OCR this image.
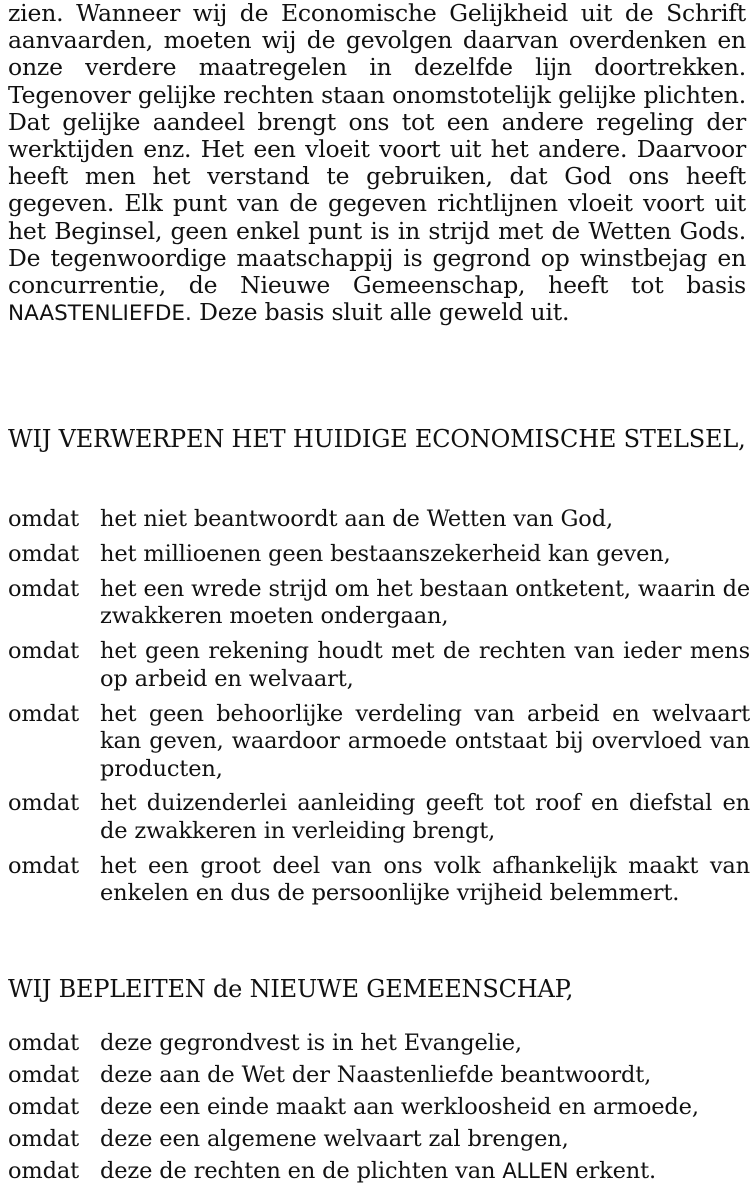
zien. Wanneer wij de Economische Gelijkheid uit de Schrift aanvaarden, moeten wij de gevolgen daarvan overdenken en onze verdere maatregelen in dezelfde lijn doortrekken. Tegenover gelijke rechten staan onomstotelijk gelijke plichten. Dat gelijke aandeel brengt ons tot een andere regeling der werktijden enz. Het een vloeit voort uit het andere. Daarvoor heeft men het verstand te gebruiken, dat God ons heeft gegeven. Elk punt van de gegeven richtlijnen vloeit voort uit het Beginsel, geen enkel punt is in strijd met de Wetten Gods. De tegenwoordige maatschappij is gegrond op winstbejag en concurrentie, de Nieuwe Gemeenschap, heeft tot basis NAASTENLIEFDE. Deze basis sluit alle geweld uit.

WIJ VERWERPEN HET HUIDIGE ECONOMISCHE STELSEL,
omdat het niet beantwoordt aan de Wetten van God,
omdat het millioenen geen bestaanszekerheid kan geven,
omdat het een wrede strijd om het bestaan ontketent, waarin de zwakkeren moeten ondergaan,
omdat het geen rekening houdt met de rechten van ieder mens op arbeid en welvaart,
omdat het geen behoorlijke verdeling van arbeid en welvaart kan geven, waardoor armoede ontstaat bij overvloed van producten,
omdat het duizenderlei aanleiding geeft tot roof en diefstal en de zwakkeren in verleiding brengt,
omdat het een groot deel van ons volk afhankelijk maakt van enkelen en dus de persoonlijke vrijheid belemmert.
WIJ BEPLEITEN de NIEUWE GEMEENSCHAP,
omdat deze gegrondvest is in het Evangelie,
omdat deze aan de Wet der Naastenliefde beantwoordt,
omdat deze een einde maakt aan werkloosheid en armoede,
omdat deze een algemene welvaart zal brengen,
omdat deze de rechten en de plichten van ALLEN erkent.
